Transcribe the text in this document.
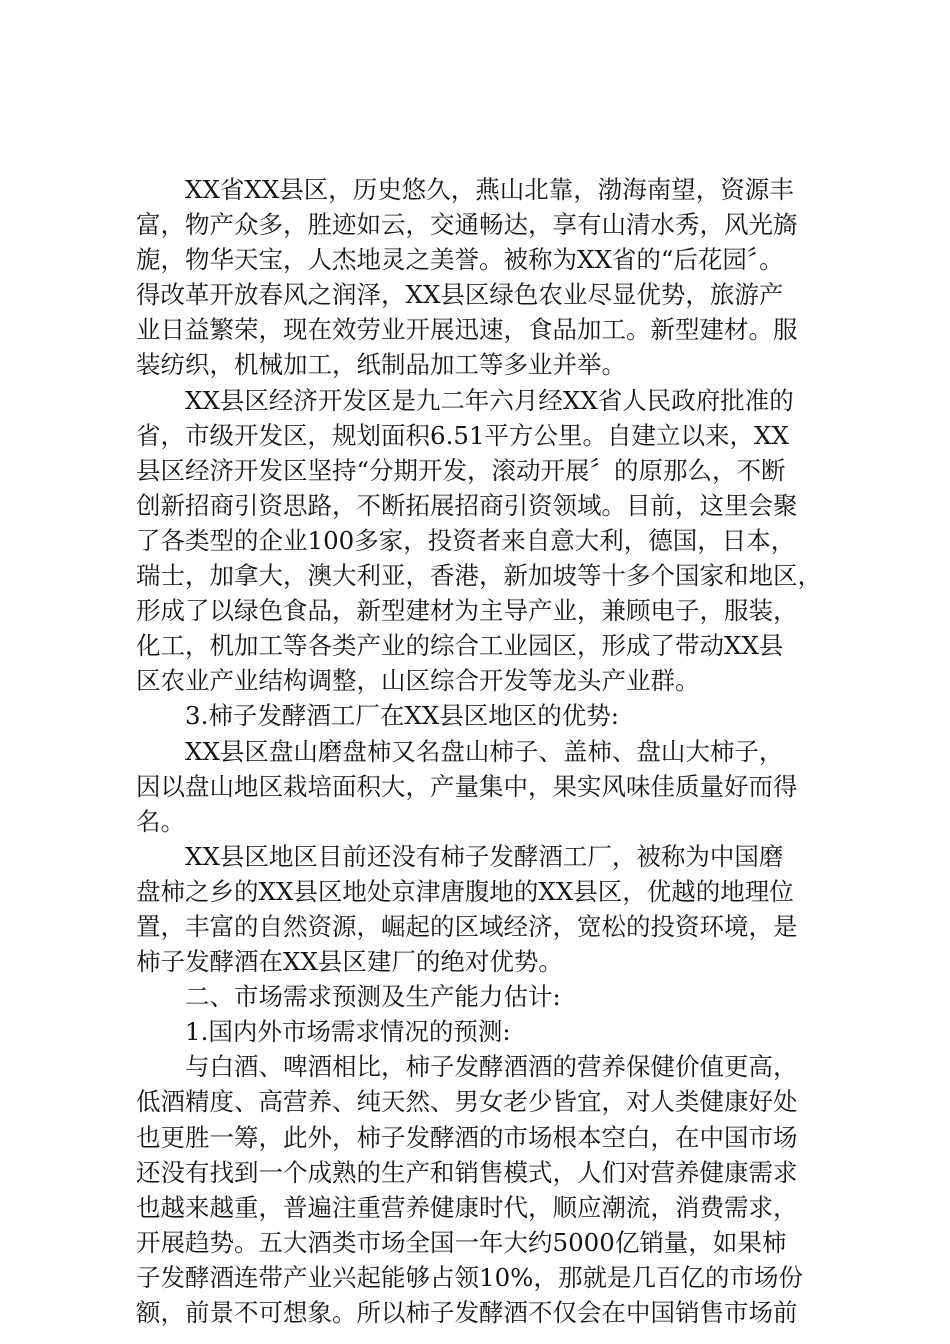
XX省XX县区，历史悠久，燕山北靠，渤海南望，资源丰
富，物产众多，胜迹如云，交通畅达，享有山清水秀，风光旖
旎，物华天宝，人杰地灵之美誉。被称为XX省的“后花园〞。
得改革开放春风之润泽，XX县区绿色农业尽显优势，旅游产
业日益繁荣，现在效劳业开展迅速，食品加工。新型建材。服
装纺织，机械加工，纸制品加工等多业并举。
XX县区经济开发区是九二年六月经XX省人民政府批准的
省，市级开发区，规划面积6.51平方公里。自建立以来，XX
县区经济开发区坚持“分期开发，滚动开展〞的原那么，不断
创新招商引资思路，不断拓展招商引资领域。目前，这里会聚
了各类型的企业100多家，投资者来自意大利，德国，日本，
瑞士，加拿大，澳大利亚，香港，新加坡等十多个国家和地区，
形成了以绿色食品，新型建材为主导产业，兼顾电子，服装，
化工，机加工等各类产业的综合工业园区，形成了带动XX县
区农业产业结构调整，山区综合开发等龙头产业群。
3.柿子发酵酒工厂在XX县区地区的优势:
XX县区盘山磨盘柿又名盘山柿子、盖柿、盘山大柿子，
因以盘山地区栽培面积大，产量集中，果实风味佳质量好而得
名。
XX县区地区目前还没有柿子发酵酒工厂，被称为中国磨
盘柿之乡的XX县区地处京津唐腹地的XX县区，优越的地理位
置，丰富的自然资源，崛起的区域经济，宽松的投资环境，是
柿子发酵酒在XX县区建厂的绝对优势。
二、市场需求预测及生产能力估计:
1.国内外市场需求情况的预测:
与白酒、啤酒相比，柿子发酵酒酒的营养保健价值更高，
低酒精度、高营养、纯天然、男女老少皆宜，对人类健康好处
也更胜一筹，此外，柿子发酵酒的市场根本空白，在中国市场
还没有找到一个成熟的生产和销售模式，人们对营养健康需求
也越来越重，普遍注重营养健康时代，顺应潮流，消费需求，
开展趋势。五大酒类市场全国一年大约5000亿销量，如果柿
子发酵酒连带产业兴起能够占领10%，那就是几百亿的市场份
额，前景不可想象。所以柿子发酵酒不仅会在中国销售市场前
